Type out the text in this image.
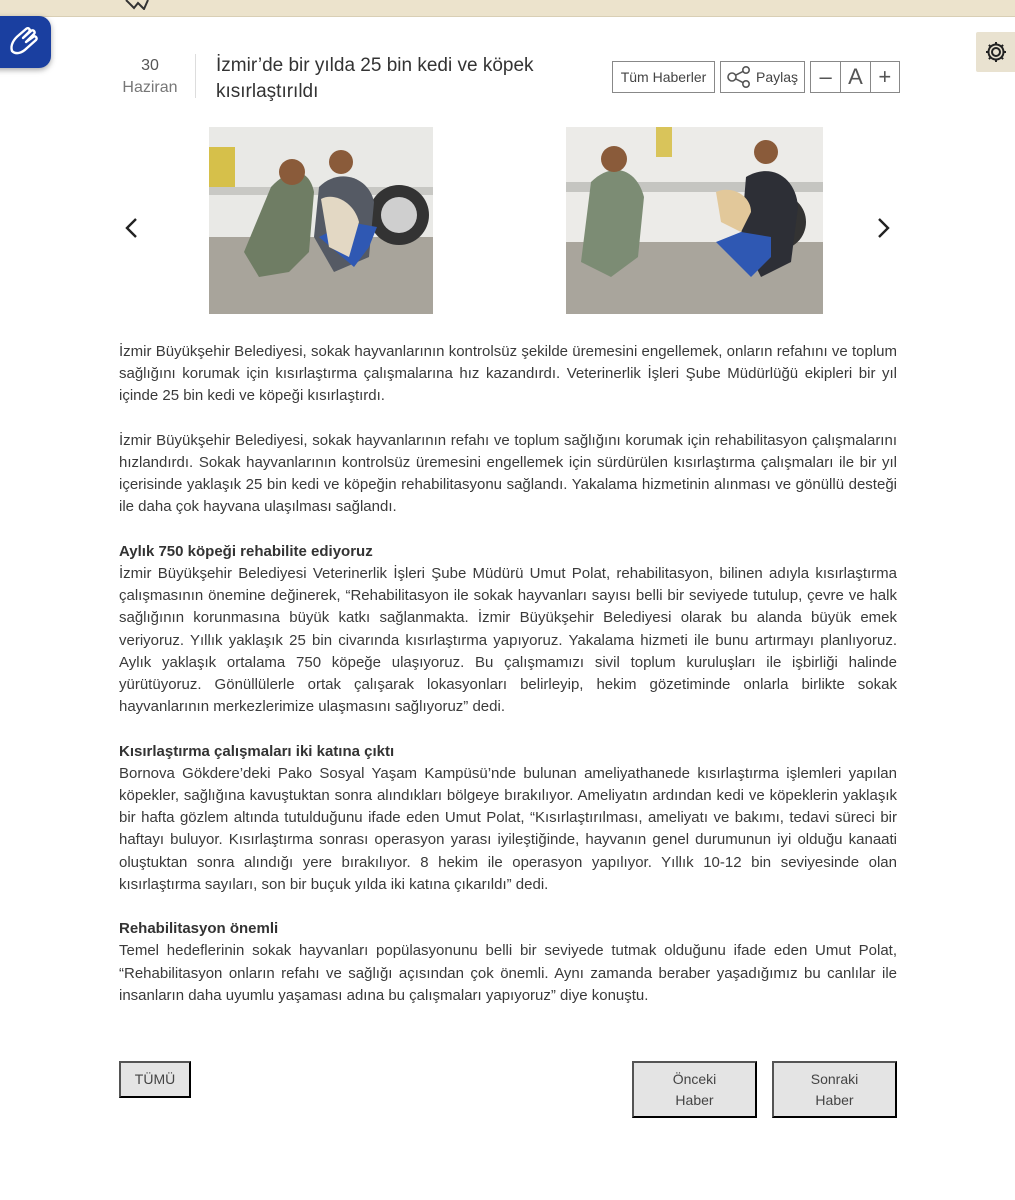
30
Haziran
İzmir’de bir yılda 25 bin kedi ve köpek kısırlaştırıldı
Tüm Haberler	Paylaş – A +

İzmir Büyükşehir Belediyesi, sokak hayvanlarının kontrolsüz şekilde üremesini engellemek, onların refahını ve toplum sağlığını korumak için kısırlaştırma çalışmalarına hız kazandırdı. Veterinerlik İşleri Şube Müdürlüğü ekipleri bir yıl içinde 25 bin kedi ve köpeği kısırlaştırdı.

İzmir Büyükşehir Belediyesi, sokak hayvanlarının refahı ve toplum sağlığını korumak için rehabilitasyon çalışmalarını hızlandırdı. Sokak hayvanlarının kontrolsüz üremesini engellemek için sürdürülen kısırlaştırma çalışmaları ile bir yıl içerisinde yaklaşık 25 bin kedi ve köpeğin rehabilitasyonu sağlandı. Yakalama hizmetinin alınması ve gönüllü desteği ile daha çok hayvana ulaşılması sağlandı.

Aylık 750 köpeği rehabilite ediyoruz

İzmir Büyükşehir Belediyesi Veterinerlik İşleri Şube Müdürü Umut Polat, rehabilitasyon, bilinen adıyla kısırlaştırma çalışmasının önemine değinerek, “Rehabilitasyon ile sokak hayvanları sayısı belli bir seviyede tutulup, çevre ve halk sağlığının korunmasına büyük katkı sağlanmakta. İzmir Büyükşehir Belediyesi olarak bu alanda büyük emek veriyoruz. Yıllık yaklaşık 25 bin civarında kısırlaştırma yapıyoruz. Yakalama hizmeti ile bunu artırmayı planlıyoruz. Aylık yaklaşık ortalama 750 köpeğe ulaşıyoruz. Bu çalışmamızı sivil toplum kuruluşları ile işbirliği halinde yürütüyoruz. Gönüllülerle ortak çalışarak lokasyonları belirleyip, hekim gözetiminde onlarla birlikte sokak hayvanlarının merkezlerimize ulaşmasını sağlıyoruz” dedi.

Kısırlaştırma çalışmaları iki katına çıktı

Bornova Gökdere’deki Pako Sosyal Yaşam Kampüsü’nde bulunan ameliyathanede kısırlaştırma işlemleri yapılan köpekler, sağlığına kavuştuktan sonra alındıkları bölgeye bırakılıyor. Ameliyatın ardından kedi ve köpeklerin yaklaşık bir hafta gözlem altında tutulduğunu ifade eden Umut Polat, “Kısırlaştırılması, ameliyatı ve bakımı, tedavi süreci bir haftayı buluyor. Kısırlaştırma sonrası operasyon yarası iyileştiğinde, hayvanın genel durumunun iyi olduğu kanaati oluştuktan sonra alındığı yere bırakılıyor. 8 hekim ile operasyon yapılıyor. Yıllık 10-12 bin seviyesinde olan kısırlaştırma sayıları, son bir buçuk yılda iki katına çıkarıldı” dedi.

Rehabilitasyon önemli

Temel hedeflerinin sokak hayvanları popülasyonunu belli bir seviyede tutmak olduğunu ifade eden Umut Polat, “Rehabilitasyon onların refahı ve sağlığı açısından çok önemli. Aynı zamanda beraber yaşadığımız bu canlılar ile insanların daha uyumlu yaşaması adına bu çalışmaları yapıyoruz” diye konuştu.

TÜMÜ	Önceki
Haber
Sonraki
Haber
